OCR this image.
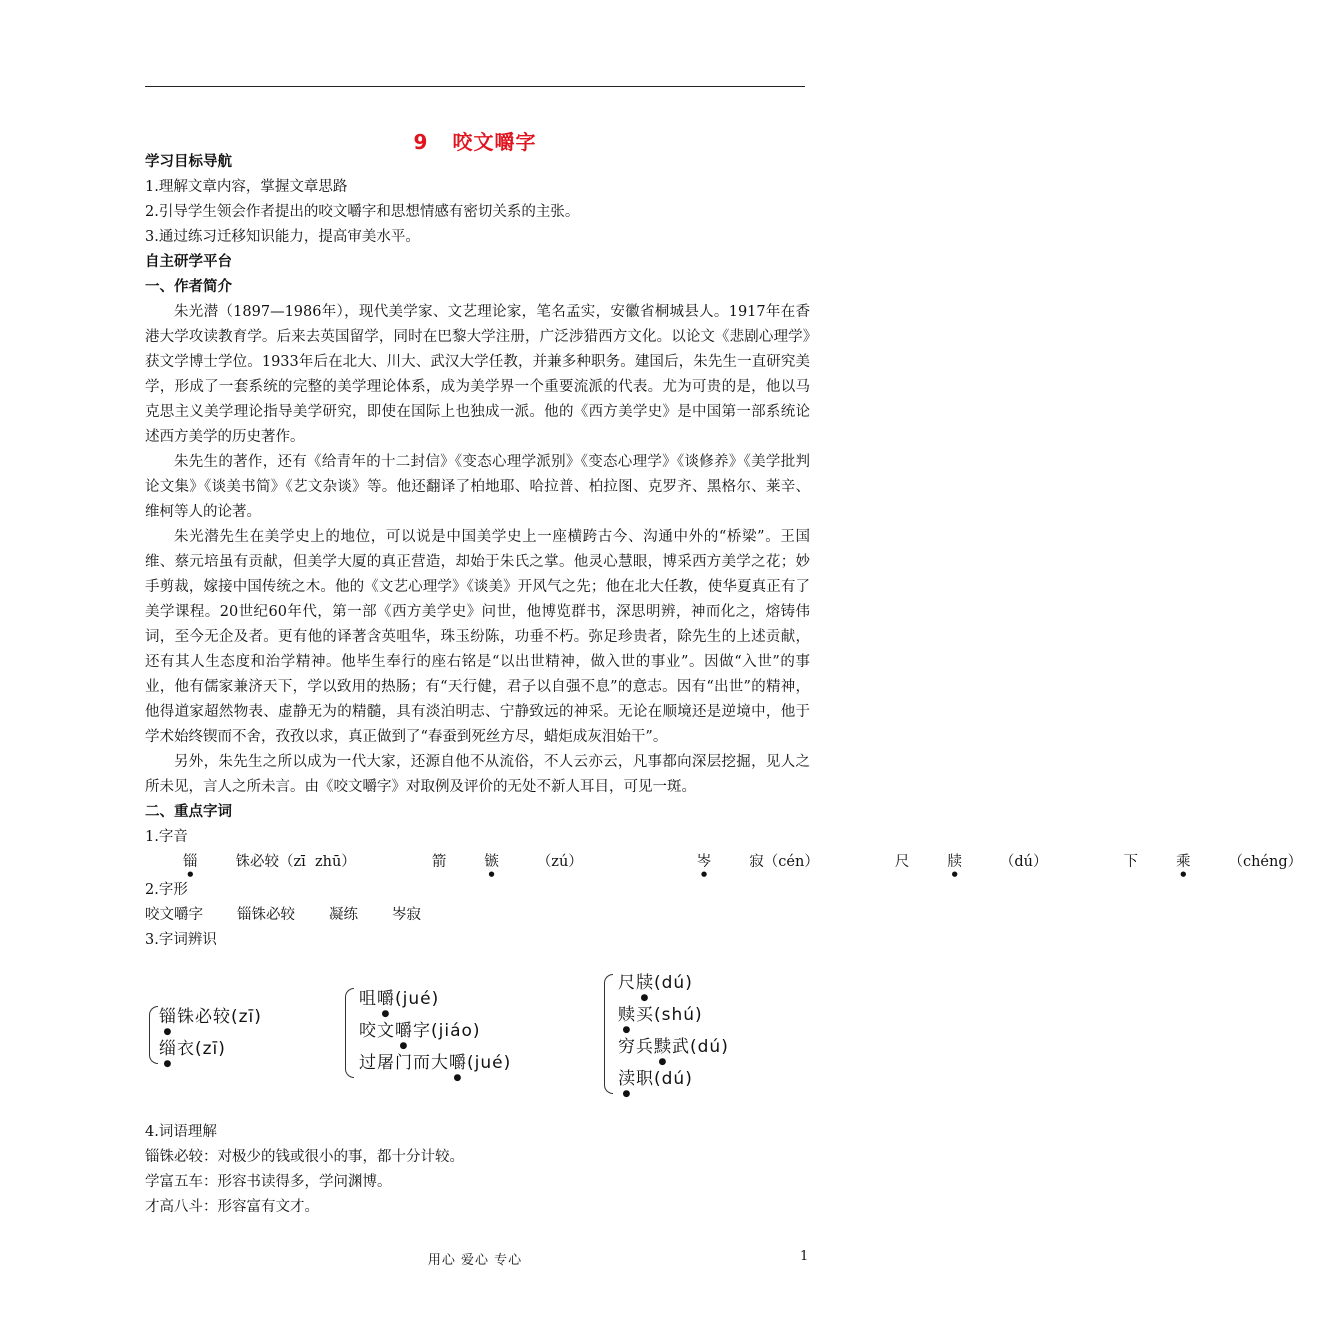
9 咬文嚼字

学习目标导航

1.理解文章内容，掌握文章思路

2.引导学生领会作者提出的咬文嚼字和思想情感有密切关系的主张。

3.通过练习迁移知识能力，提高审美水平。

自主研学平台

一、作者简介

朱光潜（1897—1986年），现代美学家、文艺理论家，笔名孟实，安徽省桐城县人。1917年在香港大学攻读教育学。后来去英国留学，同时在巴黎大学注册，广泛涉猎西方文化。以论文《悲剧心理学》获文学博士学位。1933年后在北大、川大、武汉大学任教，并兼多种职务。建国后，朱先生一直研究美学，形成了一套系统的完整的美学理论体系，成为美学界一个重要流派的代表。尤为可贵的是，他以马克思主义美学理论指导美学研究，即使在国际上也独成一派。他的《西方美学史》是中国第一部系统论述西方美学的历史著作。

朱先生的著作，还有《给青年的十二封信》《变态心理学派别》《变态心理学》《谈修养》《美学批判论文集》《谈美书简》《艺文杂谈》等。他还翻译了柏地耶、哈拉普、柏拉图、克罗齐、黑格尔、莱辛、维柯等人的论著。

朱光潜先生在美学史上的地位，可以说是中国美学史上一座横跨古今、沟通中外的“桥梁”。王国维、蔡元培虽有贡献，但美学大厦的真正营造，却始于朱氏之掌。他灵心慧眼，博采西方美学之花；妙手剪裁，嫁接中国传统之木。他的《文艺心理学》《谈美》开风气之先；他在北大任教，使华夏真正有了美学课程。20世纪60年代，第一部《西方美学史》问世，他博览群书，深思明辨，神而化之，熔铸伟词，至今无企及者。更有他的译著含英咀华，珠玉纷陈，功垂不朽。弥足珍贵者，除先生的上述贡献，还有其人生态度和治学精神。他毕生奉行的座右铭是“以出世精神，做入世的事业”。因做“入世”的事业，他有儒家兼济天下，学以致用的热肠；有“天行健，君子以自强不息”的意志。因有“出世”的精神，他得道家超然物表、虚静无为的精髓，具有淡泊明志、宁静致远的神采。无论在顺境还是逆境中，他于学术始终锲而不舍，孜孜以求，真正做到了“春蚕到死丝方尽，蜡炬成灰泪始干”。

另外，朱先生之所以成为一代大家，还源自他不从流俗，不人云亦云，凡事都向深层挖掘，见人之所未见，言人之所未言。由《咬文嚼字》对取例及评价的无处不新人耳目，可见一斑。

二、重点字词

1.字音

锱	铢必较（zī  zhū）	箭	镞	（zú）	岑	寂（cén）	尺	牍	（dú）	下	乘	（chéng）

2.字形

咬文嚼字 锱铢必较 凝练 岑寂

3.字词辨识

锱铢必较(zī)
缁衣(zī)
咀嚼(jué)
咬文嚼字(jiáo)
过屠门而大嚼(jué)
尺牍(dú)
赎买(shú)
穷兵黩武(dú)
渎职(dú)

4.词语理解

锱铢必较：对极少的钱或很小的事，都十分计较。

学富五车：形容书读得多，学问渊博。

才高八斗：形容富有文才。

用心 爱心 专心	1
